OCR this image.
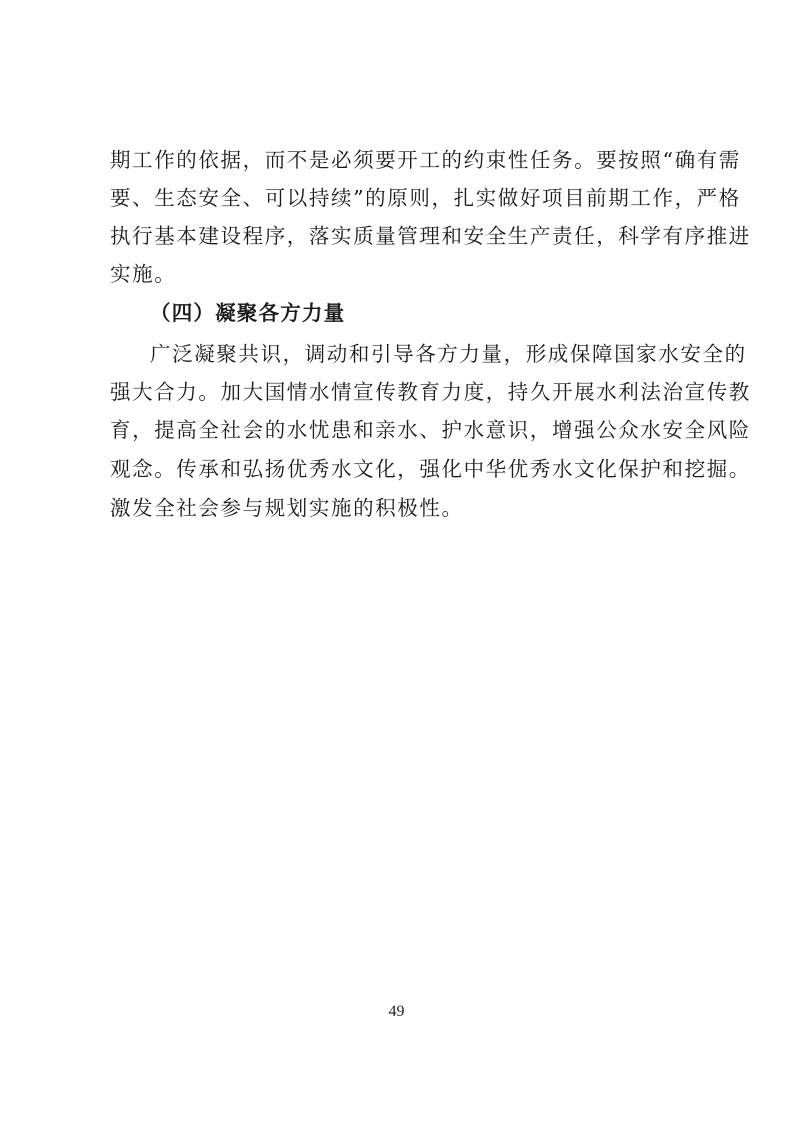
期工作的依据，而不是必须要开工的约束性任务。要按照“确有需
要、生态安全、可以持续”的原则，扎实做好项目前期工作，严格
执行基本建设程序，落实质量管理和安全生产责任，科学有序推进
实施。
（四）凝聚各方力量
广泛凝聚共识，调动和引导各方力量，形成保障国家水安全的
强大合力。加大国情水情宣传教育力度，持久开展水利法治宣传教
育，提高全社会的水忧患和亲水、护水意识，增强公众水安全风险
观念。传承和弘扬优秀水文化，强化中华优秀水文化保护和挖掘。
激发全社会参与规划实施的积极性。
49
